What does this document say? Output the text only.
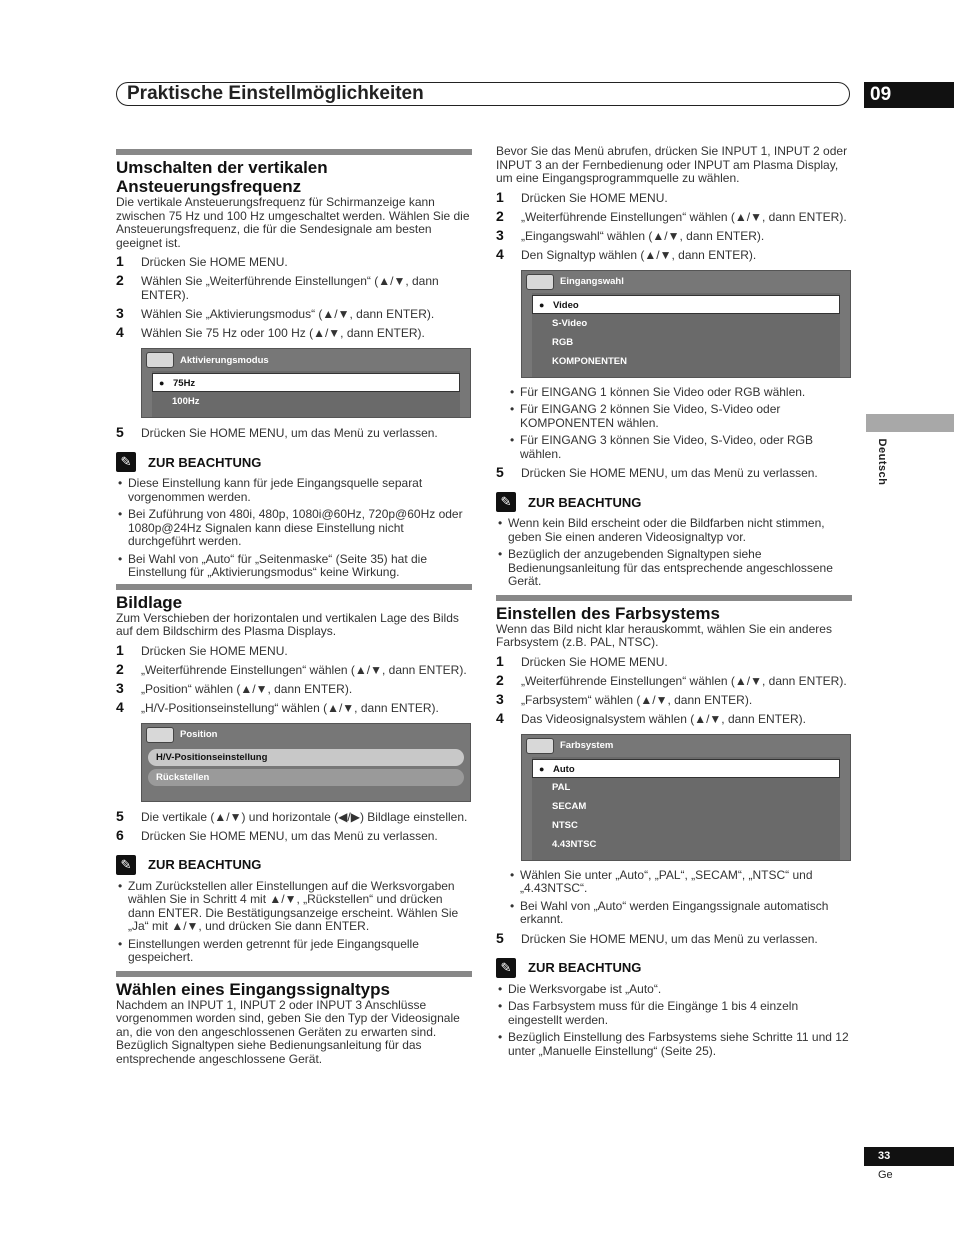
Praktische Einstellmöglichkeiten	09
Deutsch
33
Ge
Umschalten der vertikalen Ansteuerungsfrequenz

Die vertikale Ansteuerungsfrequenz für Schirmanzeige kann zwischen 75 Hz und 100 Hz umgeschaltet werden. Wählen Sie die Ansteuerungsfrequenz, die für die Sendesignale am besten geeignet ist.

1 Drücken Sie HOME MENU.
2 Wählen Sie „Weiterführende Einstellungen“ (▲/▼, dann ENTER).
3 Wählen Sie „Aktivierungsmodus“ (▲/▼, dann ENTER).
4 Wählen Sie 75 Hz oder 100 Hz (▲/▼, dann ENTER).
Aktivierungsmodus
● 75Hz
100Hz
5 Drücken Sie HOME MENU, um das Menü zu verlassen.
✎	ZUR BEACHTUNG
• Diese Einstellung kann für jede Eingangsquelle separat vorgenommen werden.
• Bei Zuführung von 480i, 480p, 1080i@60Hz, 720p@60Hz oder 1080p@24Hz Signalen kann diese Einstellung nicht durchgeführt werden.
• Bei Wahl von „Auto“ für „Seitenmaske“ (Seite 35) hat die Einstellung für „Aktivierungsmodus“ keine Wirkung.
Bildlage

Zum Verschieben der horizontalen und vertikalen Lage des Bilds auf dem Bildschirm des Plasma Displays.

1 Drücken Sie HOME MENU.
2 „Weiterführende Einstellungen“ wählen (▲/▼, dann ENTER).
3 „Position“ wählen (▲/▼, dann ENTER).
4 „H/V-Positionseinstellung“ wählen (▲/▼, dann ENTER).
Position
H/V-Positionseinstellung
Rückstellen
5 Die vertikale (▲/▼) und horizontale (◀/▶) Bildlage einstellen.
6 Drücken Sie HOME MENU, um das Menü zu verlassen.
✎	ZUR BEACHTUNG
• Zum Zurückstellen aller Einstellungen auf die Werksvorgaben wählen Sie in Schritt 4 mit ▲/▼, „Rückstellen“ und drücken dann ENTER. Die Bestätigungsanzeige erscheint. Wählen Sie „Ja“ mit ▲/▼, und drücken Sie dann ENTER.
• Einstellungen werden getrennt für jede Eingangsquelle gespeichert.
Wählen eines Eingangssignaltyps

Nachdem an INPUT 1, INPUT 2 oder INPUT 3 Anschlüsse vorgenommen worden sind, geben Sie den Typ der Videosignale an, die von den angeschlossenen Geräten zu erwarten sind. Bezüglich Signaltypen siehe Bedienungsanleitung für das entsprechende angeschlossene Gerät.

Bevor Sie das Menü abrufen, drücken Sie INPUT 1, INPUT 2 oder INPUT 3 an der Fernbedienung oder INPUT am Plasma Display, um eine Eingangsprogrammquelle zu wählen.

1 Drücken Sie HOME MENU.
2 „Weiterführende Einstellungen“ wählen (▲/▼, dann ENTER).
3 „Eingangswahl“ wählen (▲/▼, dann ENTER).
4 Den Signaltyp wählen (▲/▼, dann ENTER).
Eingangswahl
● Video
S-Video
RGB
KOMPONENTEN
• Für EINGANG 1 können Sie Video oder RGB wählen.
• Für EINGANG 2 können Sie Video, S-Video oder KOMPONENTEN wählen.
• Für EINGANG 3 können Sie Video, S-Video, oder RGB wählen.
5 Drücken Sie HOME MENU, um das Menü zu verlassen.
✎	ZUR BEACHTUNG
• Wenn kein Bild erscheint oder die Bildfarben nicht stimmen, geben Sie einen anderen Videosignaltyp vor.
• Bezüglich der anzugebenden Signaltypen siehe Bedienungsanleitung für das entsprechende angeschlossene Gerät.
Einstellen des Farbsystems

Wenn das Bild nicht klar herauskommt, wählen Sie ein anderes Farbsystem (z.B. PAL, NTSC).

1 Drücken Sie HOME MENU.
2 „Weiterführende Einstellungen“ wählen (▲/▼, dann ENTER).
3 „Farbsystem“ wählen (▲/▼, dann ENTER).
4 Das Videosignalsystem wählen (▲/▼, dann ENTER).
Farbsystem
● Auto
PAL
SECAM
NTSC
4.43NTSC
• Wählen Sie unter „Auto“, „PAL“, „SECAM“, „NTSC“ und „4.43NTSC“.
• Bei Wahl von „Auto“ werden Eingangssignale automatisch erkannt.
5 Drücken Sie HOME MENU, um das Menü zu verlassen.
✎	ZUR BEACHTUNG
• Die Werksvorgabe ist „Auto“.
• Das Farbsystem muss für die Eingänge 1 bis 4 einzeln eingestellt werden.
• Bezüglich Einstellung des Farbsystems siehe Schritte 11 und 12 unter „Manuelle Einstellung“ (Seite 25).
